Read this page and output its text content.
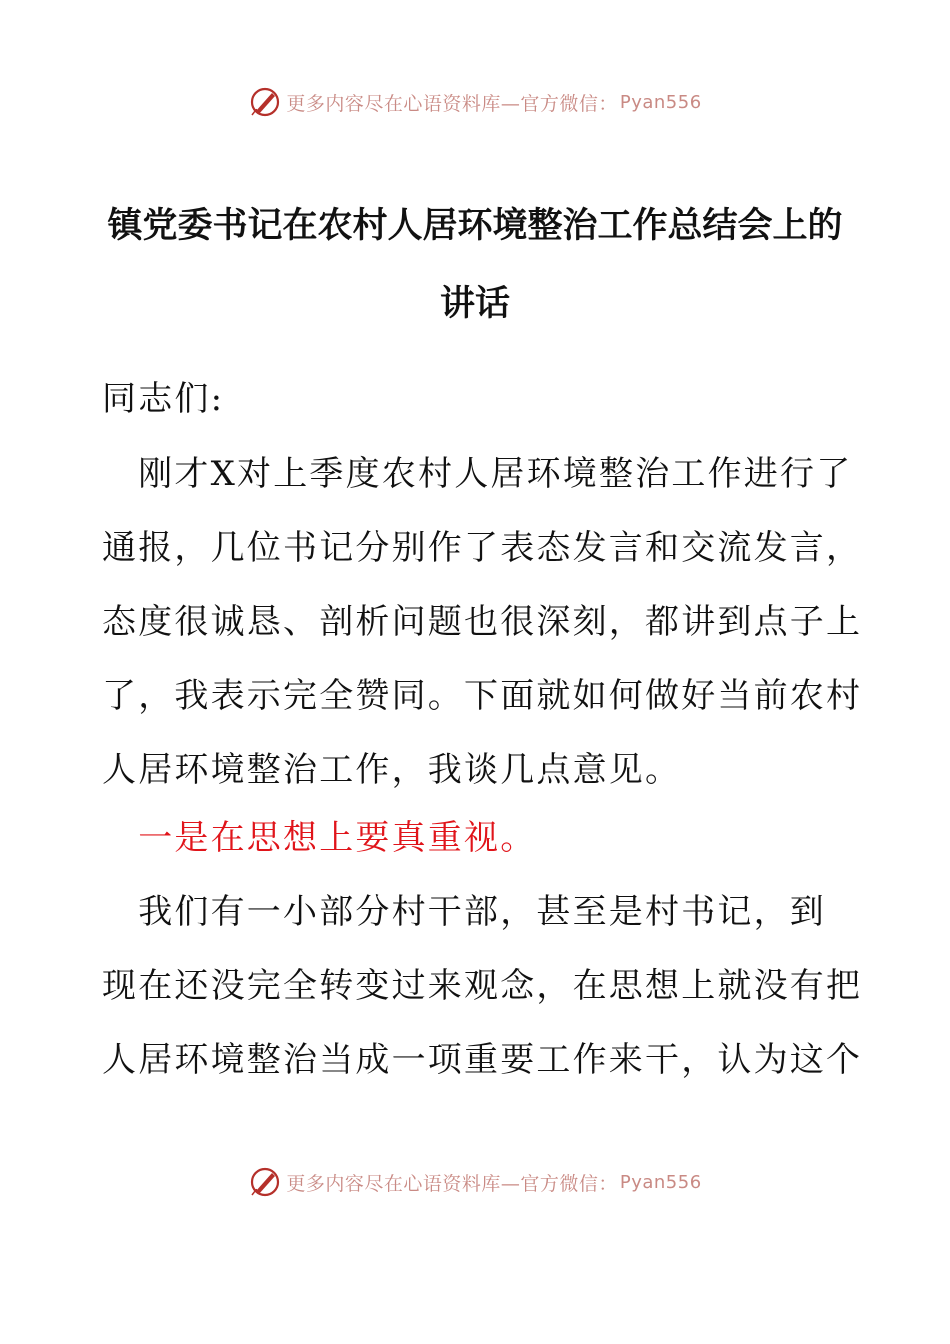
更多内容尽在心语资料库—官方微信： Pyan556
镇党委书记在农村人居环境整治工作总结会上的
讲话

同志们:

　刚才X对上季度农村人居环境整治工作进行了

通报，几位书记分别作了表态发言和交流发言，

态度很诚恳、剖析问题也很深刻，都讲到点子上

了，我表示完全赞同。下面就如何做好当前农村

人居环境整治工作，我谈几点意见。

　一是在思想上要真重视。

　我们有一小部分村干部，甚至是村书记，到

现在还没完全转变过来观念，在思想上就没有把

人居环境整治当成一项重要工作来干，认为这个

更多内容尽在心语资料库—官方微信： Pyan556
